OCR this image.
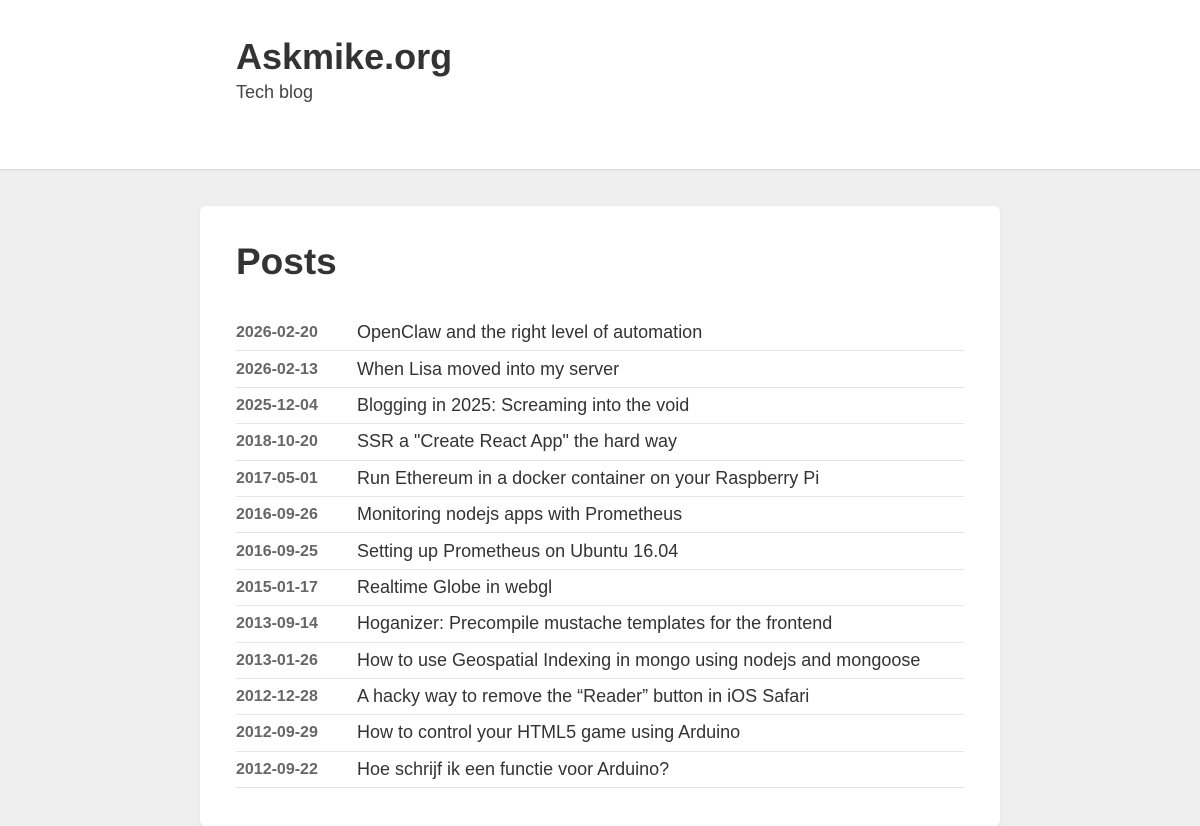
Askmike.org

Tech blog

Posts
2026-02-20	OpenClaw and the right level of automation
2026-02-13	When Lisa moved into my server
2025-12-04	Blogging in 2025: Screaming into the void
2018-10-20	SSR a "Create React App" the hard way
2017-05-01	Run Ethereum in a docker container on your Raspberry Pi
2016-09-26	Monitoring nodejs apps with Prometheus
2016-09-25	Setting up Prometheus on Ubuntu 16.04
2015-01-17	Realtime Globe in webgl
2013-09-14	Hoganizer: Precompile mustache templates for the frontend
2013-01-26	How to use Geospatial Indexing in mongo using nodejs and mongoose
2012-12-28	A hacky way to remove the “Reader” button in iOS Safari
2012-09-29	How to control your HTML5 game using Arduino
2012-09-22	Hoe schrijf ik een functie voor Arduino?
